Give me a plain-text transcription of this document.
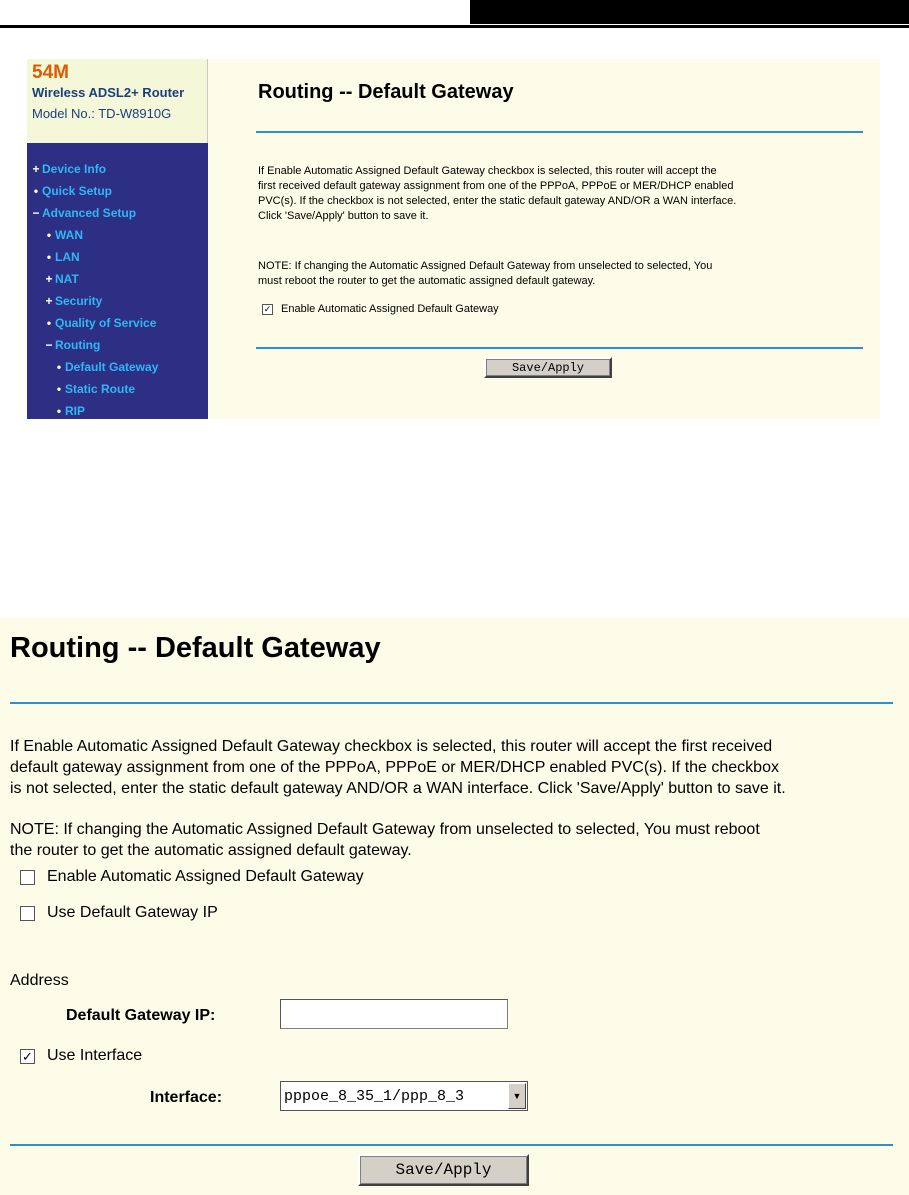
54M
Wireless ADSL2+ Router
Model No.: TD-W8910G
+ Device Info
• Quick Setup
− Advanced Setup
• WAN
• LAN
+ NAT
+ Security
• Quality of Service
− Routing
• Default Gateway
• Static Route
• RIP
Routing -- Default Gateway
If Enable Automatic Assigned Default Gateway checkbox is selected, this router will accept the
first received default gateway assignment from one of the PPPoA, PPPoE or MER/DHCP enabled
PVC(s). If the checkbox is not selected, enter the static default gateway AND/OR a WAN interface.
Click 'Save/Apply' button to save it.
NOTE: If changing the Automatic Assigned Default Gateway from unselected to selected, You
must reboot the router to get the automatic assigned default gateway.
✓ Enable Automatic Assigned Default Gateway
Save/Apply
Routing -- Default Gateway
If Enable Automatic Assigned Default Gateway checkbox is selected, this router will accept the first received
default gateway assignment from one of the PPPoA, PPPoE or MER/DHCP enabled PVC(s). If the checkbox
is not selected, enter the static default gateway AND/OR a WAN interface. Click 'Save/Apply' button to save it.
NOTE: If changing the Automatic Assigned Default Gateway from unselected to selected, You must reboot
the router to get the automatic assigned default gateway.
Enable Automatic Assigned Default Gateway
Use Default Gateway IP
Address
Default Gateway IP:
✓ Use Interface
Interface:	pppoe_8_35_1/ppp_8_3	▼
Save/Apply
